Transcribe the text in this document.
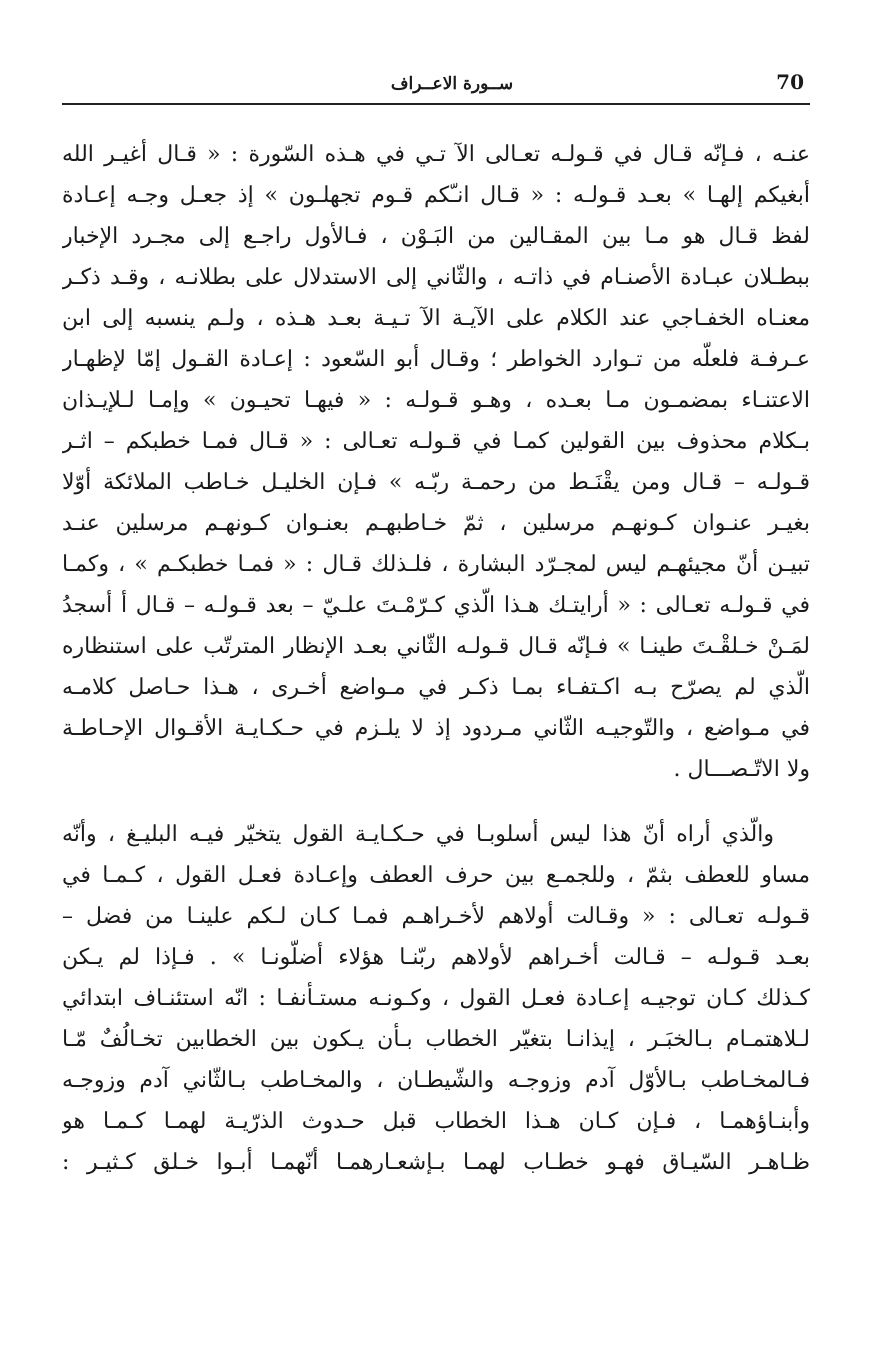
70
ســورة الاعــراف
عنـه ، فـإنّه قـال في قـولـه تعـالى الآ تـي في هـذه السّورة : « قـال أغيـر الله
أبغيكم إلهـا » بعـد قـولـه : « قـال انـّكم قـوم تجهلـون » إذ جعـل وجـه إعـادة
لفظ قـال هو مـا بين المقـالين من البَـوْن ، فـالأول راجـع إلى مجـرد الإخبار
ببطـلان عبـادة الأصنـام في ذاتـه ، والثّاني إلى الاستدلال على بطلانـه ، وقـد ذكـر
معنـاه الخفـاجي عند الكلام على الآيـة الآ تـيـة بعـد هـذه ، ولـم ينسبه إلى ابن
عـرفـة فلعلّه من تـوارد الخواطر ؛ وقـال أبو السّعود : إعـادة القـول إمّا لإظهـار
الاعتنـاء بمضمـون مـا بعـده ، وهـو قـولـه : « فيهـا تحيـون » وإمـا لـلإيـذان
بـكلام محذوف بين القولين كمـا في قـولـه تعـالى : « قـال فمـا خطبكم – اثـر
قـولـه – قـال ومن يقْنَـط من رحمـة ربّـه » فـإن الخليـل خـاطب الملائكة أوّلا
بغيـر عنـوان كـونهـم مرسلين ، ثمّ خـاطبهـم بعنـوان كـونهـم مرسلين عنـد
تبيـن أنّ مجيئهـم ليس لمجـرّد البشارة ، فلـذلك قـال : « فمـا خطبكـم » ، وكمـا
في قـولـه تعـالى : « أرايتـك هـذا الّذي كـرّمْـتَ علـيّ – بعد قـولـه – قـال أ أسجدُ
لمَـنْ خـلقْـتَ طينـا » فـإنّه قـال قـولـه الثّاني بعـد الإنظار المترتّب على استنظاره
الّذي لم يصرّح بـه اكـتفـاء بمـا ذكـر في مـواضع أخـرى ، هـذا حـاصل كلامـه
في مـواضع ، والتّوجيـه الثّاني مـردود إذ لا يلـزم في حـكـايـة الأقـوال الإحـاطـة
ولا الاتّـصـــال .
والّذي أراه أنّ هذا ليس أسلوبـا في حـكـايـة القول يتخيّر فيـه البليـغ ، وأنّه
مساو للعطف بثمّ ، وللجمـع بين حرف العطف وإعـادة فعـل القول ، كـمـا في
قـولـه تعـالى : « وقـالت أولاهم لأخـراهـم فمـا كـان لـكم علينـا من فضل –
بعـد قـولـه – قـالت أخـراهم لأولاهم ربّنـا هؤلاء أضلّونـا » . فـإذا لم يـكن
كـذلك كـان توجيـه إعـادة فعـل القول ، وكـونـه مستـأنفـا : انّه استئنـاف ابتدائي
لـلاهتمـام بـالخبَـر ، إيذانـا بتغيّر الخطاب بـأن يـكون بين الخطابين تخـالُفٌ مّـا
فـالمخـاطب بـالأوّل آدم وزوجـه والشّيطـان ، والمخـاطب بـالثّاني آدم وزوجـه
وأبنـاؤهمـا ، فـإن كـان هـذا الخطاب قبل حـدوث الذرّيـة لهمـا كـمـا هو
ظـاهـر السّيـاق فهـو خطـاب لهمـا بـإشعـارهمـا أنّهمـا أبـوا خـلق كـثيـر :
